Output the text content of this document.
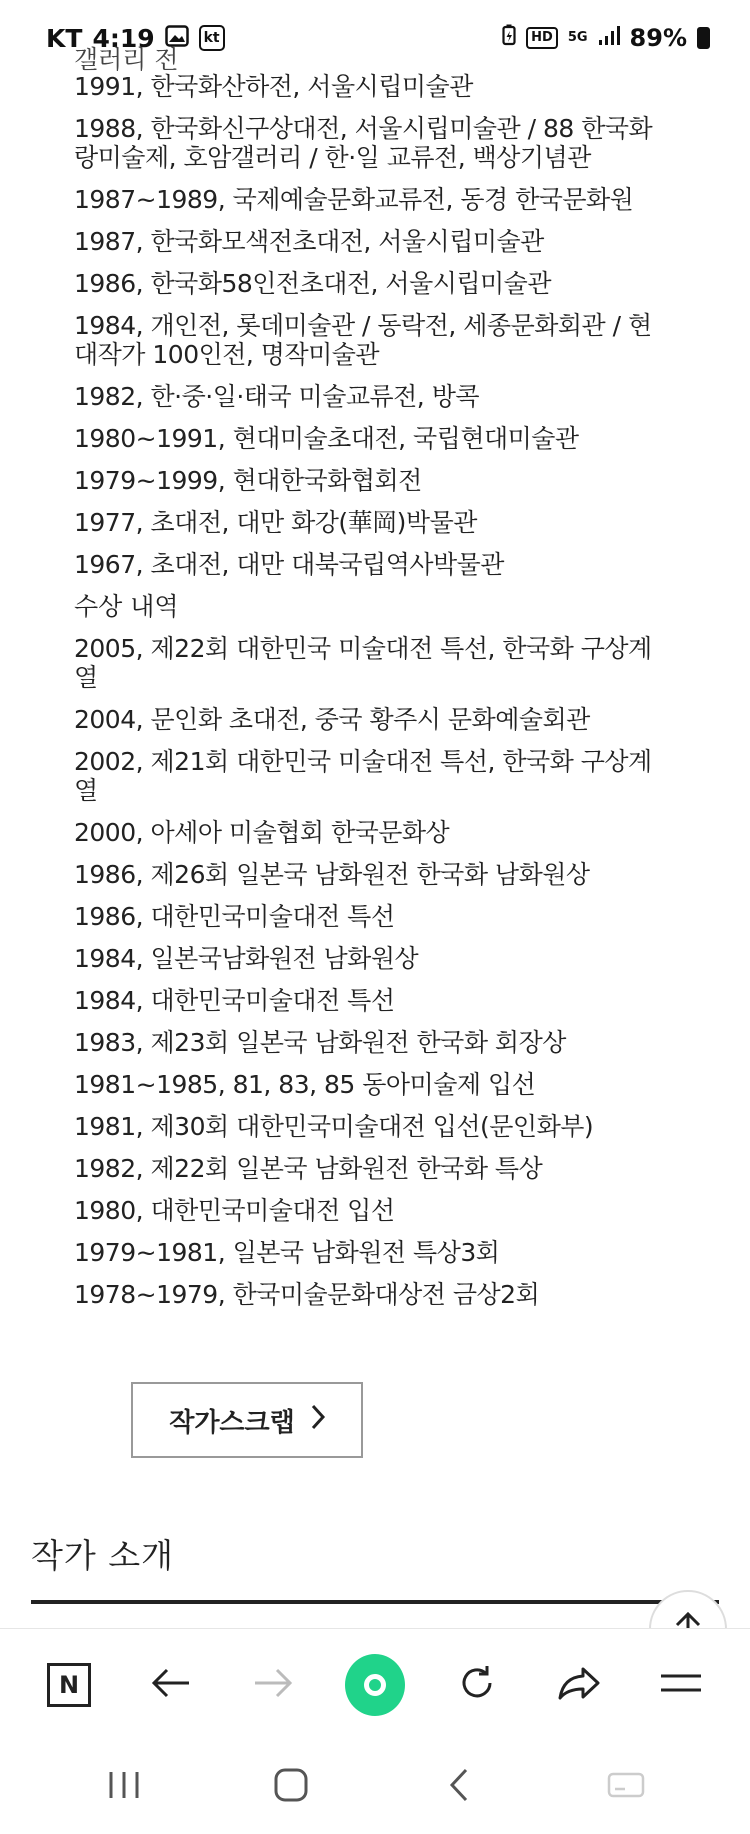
KT 4:19	kt	HD	5G 89%
갤러리 전
1991, 한국화산하전, 서울시립미술관
1988, 한국화신구상대전, 서울시립미술관 / 88 한국화랑미술제, 호암갤러리 / 한·일 교류전, 백상기념관
1987~1989, 국제예술문화교류전, 동경 한국문화원
1987, 한국화모색전초대전, 서울시립미술관
1986, 한국화58인전초대전, 서울시립미술관
1984, 개인전, 롯데미술관 / 동락전, 세종문화회관 / 현대작가 100인전, 명작미술관
1982, 한·중·일·태국 미술교류전, 방콕
1980~1991, 현대미술초대전, 국립현대미술관
1979~1999, 현대한국화협회전
1977, 초대전, 대만 화강(華岡)박물관
1967, 초대전, 대만 대북국립역사박물관
수상 내역
2005, 제22회 대한민국 미술대전 특선, 한국화 구상계열
2004, 문인화 초대전, 중국 황주시 문화예술회관
2002, 제21회 대한민국 미술대전 특선, 한국화 구상계열
2000, 아세아 미술협회 한국문화상
1986, 제26회 일본국 남화원전 한국화 남화원상
1986, 대한민국미술대전 특선
1984, 일본국남화원전 남화원상
1984, 대한민국미술대전 특선
1983, 제23회 일본국 남화원전 한국화 회장상
1981~1985, 81, 83, 85 동아미술제 입선
1981, 제30회 대한민국미술대전 입선(문인화부)
1982, 제22회 일본국 남화원전 한국화 특상
1980, 대한민국미술대전 입선
1979~1981, 일본국 남화원전 특상3회
1978~1979, 한국미술문화대상전 금상2회
작가스크랩
작가 소개
N
